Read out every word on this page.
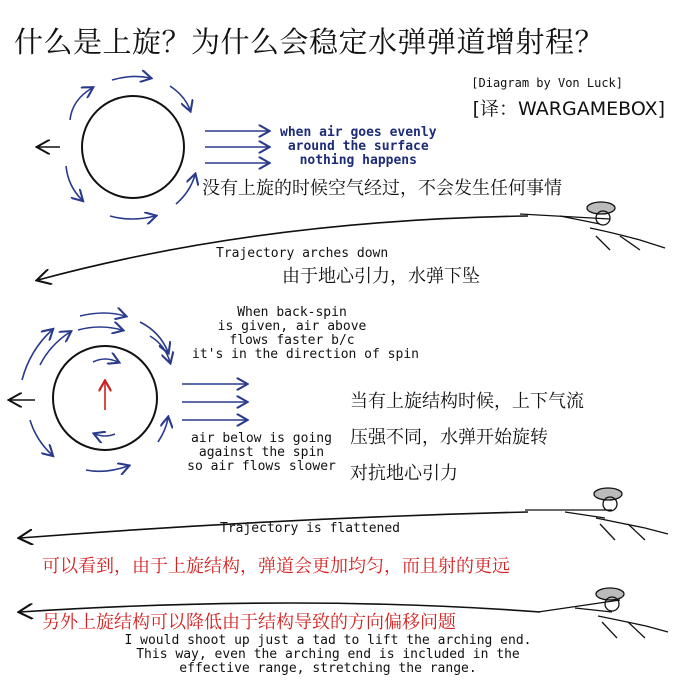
什么是上旋？为什么会稳定水弹弹道增射程？
[Diagram by Von Luck]
[译：WARGAMEBOX]
when air goes evenly
around the surface
nothing happens
没有上旋的时候空气经过，不会发生任何事情
Trajectory arches down
由于地心引力，水弹下坠
When back-spin
is given, air above
flows faster b/c
it's in the direction of spin
air below is going
against the spin
so air flows slower
当有上旋结构时候，上下气流
压强不同，水弹开始旋转
对抗地心引力
Trajectory is flattened
可以看到，由于上旋结构，弹道会更加均匀，而且射的更远
另外上旋结构可以降低由于结构导致的方向偏移问题
I would shoot up just a tad to lift the arching end.
This way, even the arching end is included in the
effective range, stretching the range.
